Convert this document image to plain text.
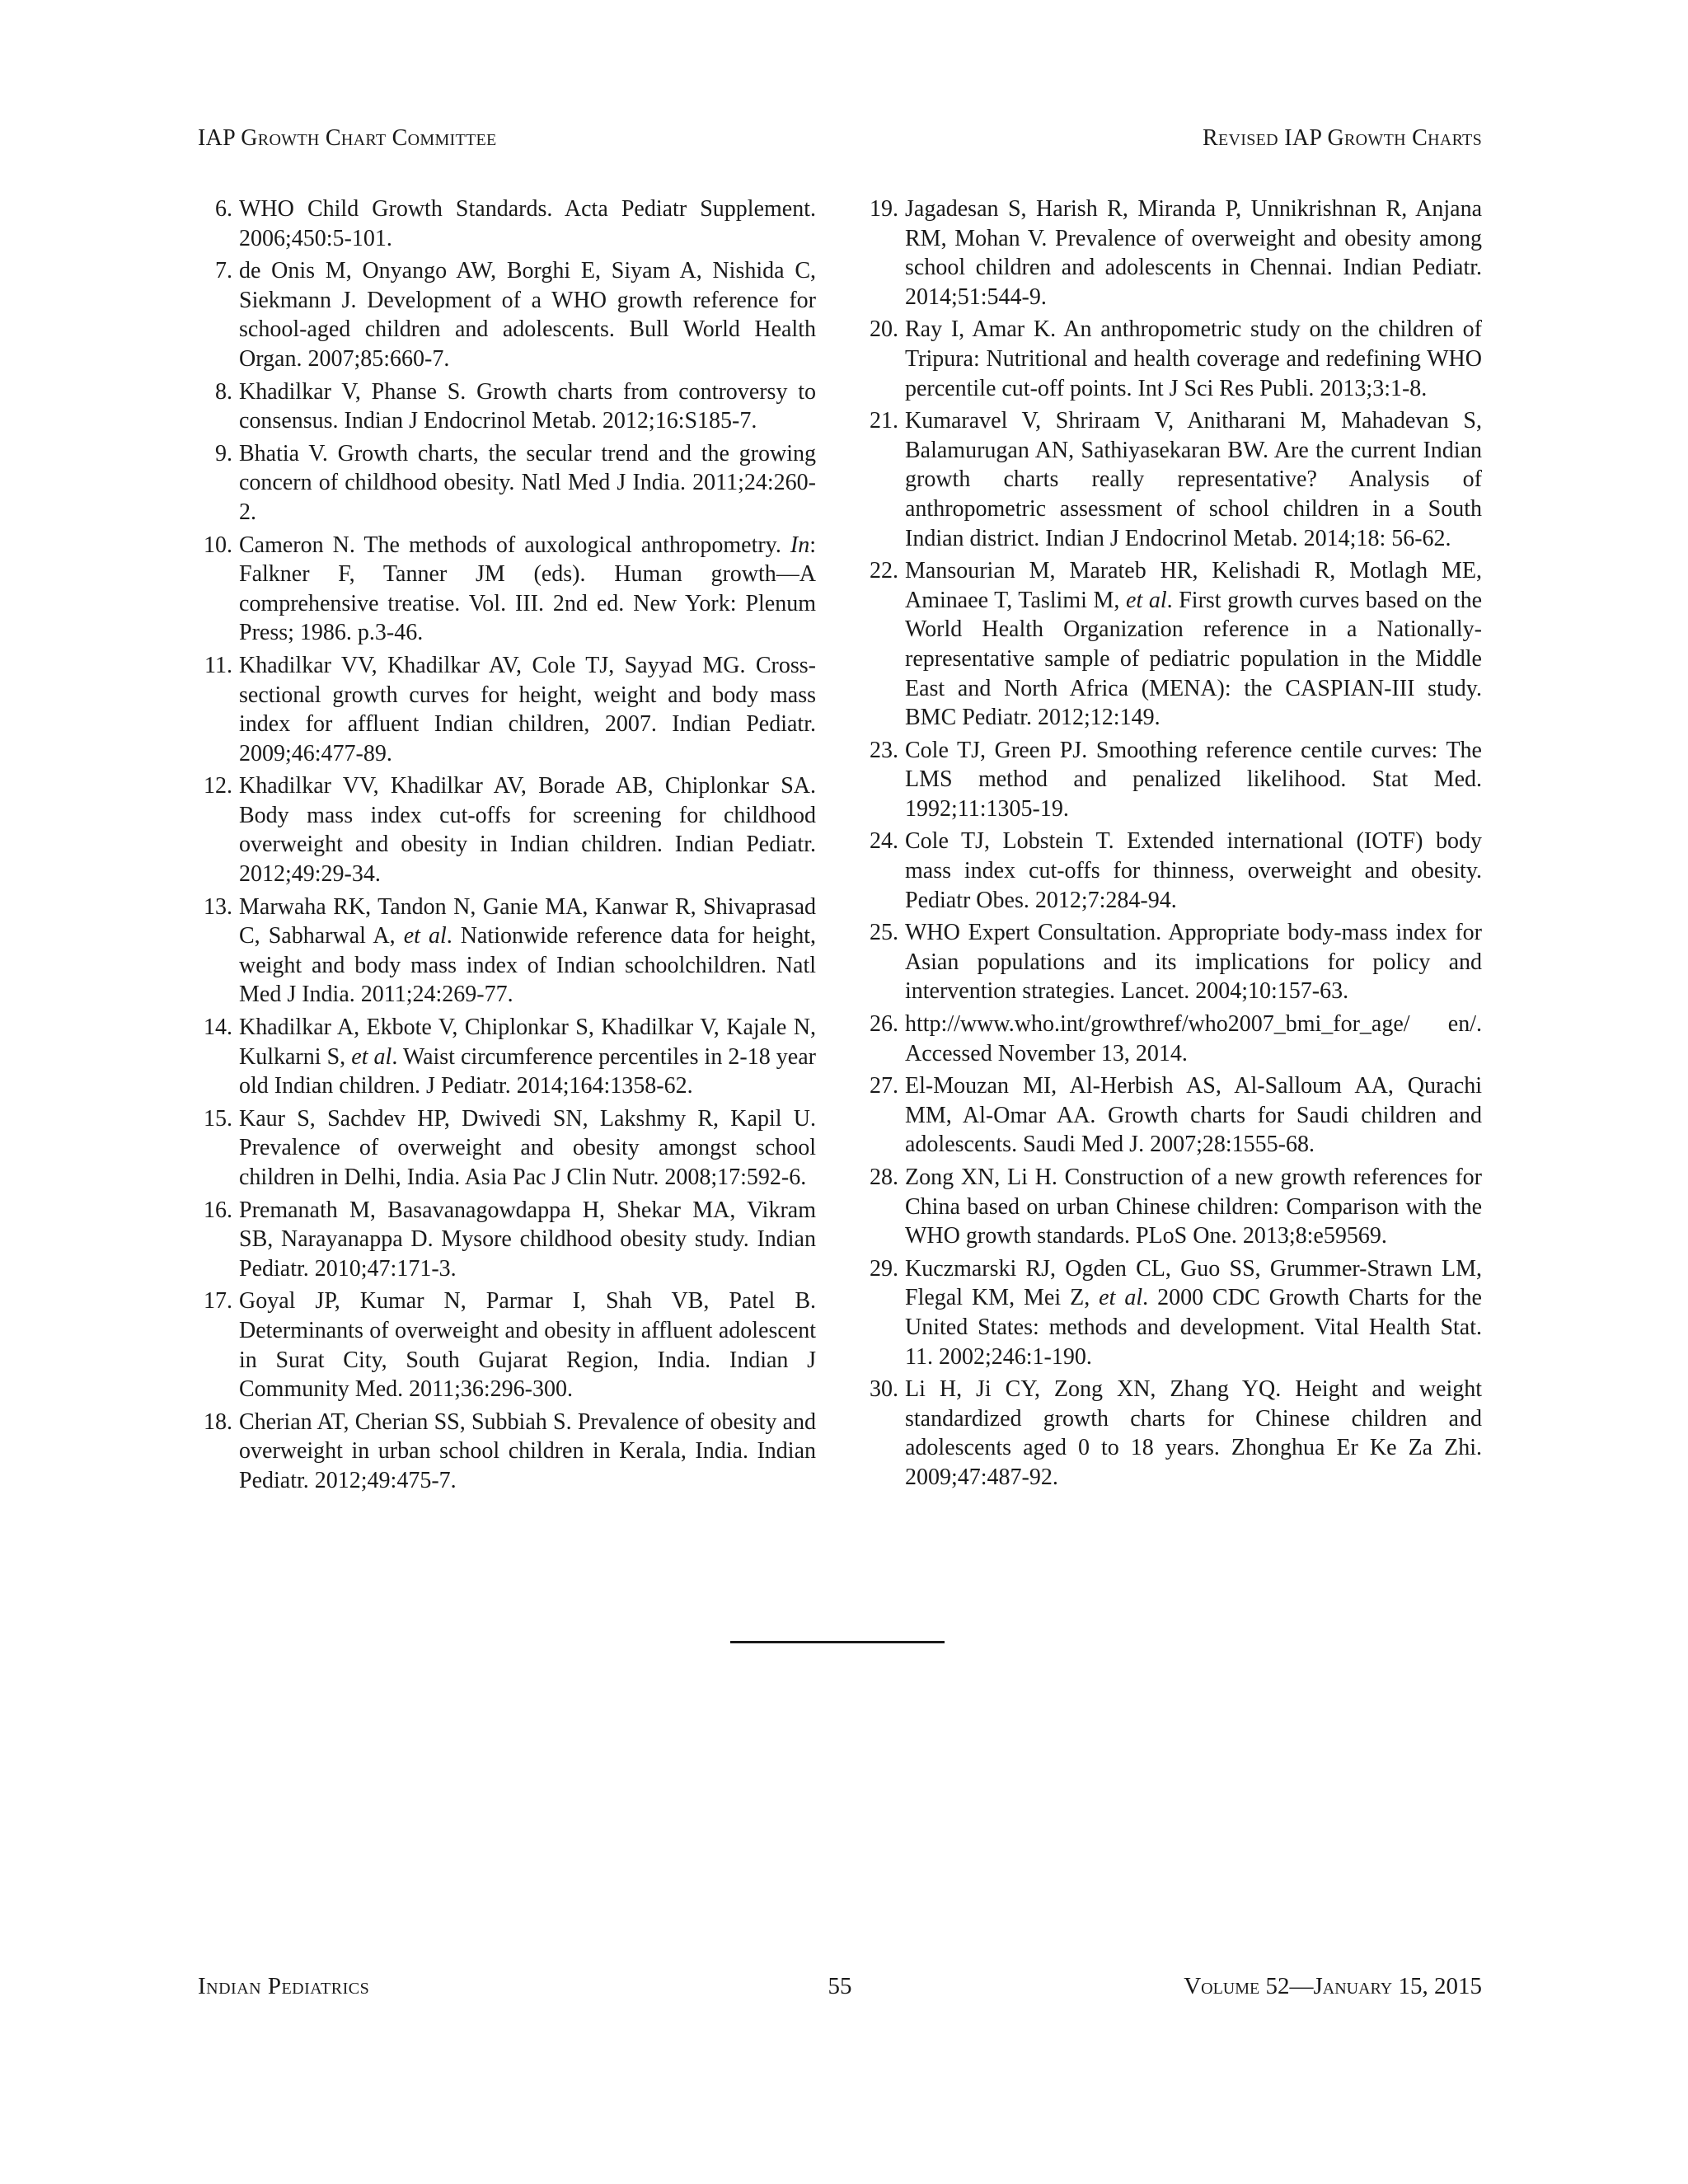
IAP Growth Chart Committee	Revised IAP Growth Charts
6. WHO Child Growth Standards. Acta Pediatr Supplement. 2006;450:5-101.
7. de Onis M, Onyango AW, Borghi E, Siyam A, Nishida C, Siekmann J. Development of a WHO growth reference for school-aged children and adolescents. Bull World Health Organ. 2007;85:660-7.
8. Khadilkar V, Phanse S. Growth charts from controversy to consensus. Indian J Endocrinol Metab. 2012;16:S185-7.
9. Bhatia V. Growth charts, the secular trend and the growing concern of childhood obesity. Natl Med J India. 2011;24:260-2.
10. Cameron N. The methods of auxological anthropometry. In: Falkner F, Tanner JM (eds). Human growth—A comprehensive treatise. Vol. III. 2nd ed. New York: Plenum Press; 1986. p.3-46.
11. Khadilkar VV, Khadilkar AV, Cole TJ, Sayyad MG. Cross-sectional growth curves for height, weight and body mass index for affluent Indian children, 2007. Indian Pediatr. 2009;46:477-89.
12. Khadilkar VV, Khadilkar AV, Borade AB, Chiplonkar SA. Body mass index cut-offs for screening for childhood overweight and obesity in Indian children. Indian Pediatr. 2012;49:29-34.
13. Marwaha RK, Tandon N, Ganie MA, Kanwar R, Shivaprasad C, Sabharwal A, et al. Nationwide reference data for height, weight and body mass index of Indian schoolchildren. Natl Med J India. 2011;24:269-77.
14. Khadilkar A, Ekbote V, Chiplonkar S, Khadilkar V, Kajale N, Kulkarni S, et al. Waist circumference percentiles in 2-18 year old Indian children. J Pediatr. 2014;164:1358-62.
15. Kaur S, Sachdev HP, Dwivedi SN, Lakshmy R, Kapil U. Prevalence of overweight and obesity amongst school children in Delhi, India. Asia Pac J Clin Nutr. 2008;17:592-6.
16. Premanath M, Basavanagowdappa H, Shekar MA, Vikram SB, Narayanappa D. Mysore childhood obesity study. Indian Pediatr. 2010;47:171-3.
17. Goyal JP, Kumar N, Parmar I, Shah VB, Patel B. Determinants of overweight and obesity in affluent adolescent in Surat City, South Gujarat Region, India. Indian J Community Med. 2011;36:296-300.
18. Cherian AT, Cherian SS, Subbiah S. Prevalence of obesity and overweight in urban school children in Kerala, India. Indian Pediatr. 2012;49:475-7.
19. Jagadesan S, Harish R, Miranda P, Unnikrishnan R, Anjana RM, Mohan V. Prevalence of overweight and obesity among school children and adolescents in Chennai. Indian Pediatr. 2014;51:544-9.
20. Ray I, Amar K. An anthropometric study on the children of Tripura: Nutritional and health coverage and redefining WHO percentile cut-off points. Int J Sci Res Publi. 2013;3:1-8.
21. Kumaravel V, Shriraam V, Anitharani M, Mahadevan S, Balamurugan AN, Sathiyasekaran BW. Are the current Indian growth charts really representative? Analysis of anthropometric assessment of school children in a South Indian district. Indian J Endocrinol Metab. 2014;18: 56-62.
22. Mansourian M, Marateb HR, Kelishadi R, Motlagh ME, Aminaee T, Taslimi M, et al. First growth curves based on the World Health Organization reference in a Nationally-representative sample of pediatric population in the Middle East and North Africa (MENA): the CASPIAN-III study. BMC Pediatr. 2012;12:149.
23. Cole TJ, Green PJ. Smoothing reference centile curves: The LMS method and penalized likelihood. Stat Med. 1992;11:1305-19.
24. Cole TJ, Lobstein T. Extended international (IOTF) body mass index cut-offs for thinness, overweight and obesity. Pediatr Obes. 2012;7:284-94.
25. WHO Expert Consultation. Appropriate body-mass index for Asian populations and its implications for policy and intervention strategies. Lancet. 2004;10:157-63.
26. http://www.who.int/growthref/who2007_bmi_for_age/ en/. Accessed November 13, 2014.
27. El-Mouzan MI, Al-Herbish AS, Al-Salloum AA, Qurachi MM, Al-Omar AA. Growth charts for Saudi children and adolescents. Saudi Med J. 2007;28:1555-68.
28. Zong XN, Li H. Construction of a new growth references for China based on urban Chinese children: Comparison with the WHO growth standards. PLoS One. 2013;8:e59569.
29. Kuczmarski RJ, Ogden CL, Guo SS, Grummer-Strawn LM, Flegal KM, Mei Z, et al. 2000 CDC Growth Charts for the United States: methods and development. Vital Health Stat. 11. 2002;246:1-190.
30. Li H, Ji CY, Zong XN, Zhang YQ. Height and weight standardized growth charts for Chinese children and adolescents aged 0 to 18 years. Zhonghua Er Ke Za Zhi. 2009;47:487-92.
Indian Pediatrics	55	Volume 52—January 15, 2015
